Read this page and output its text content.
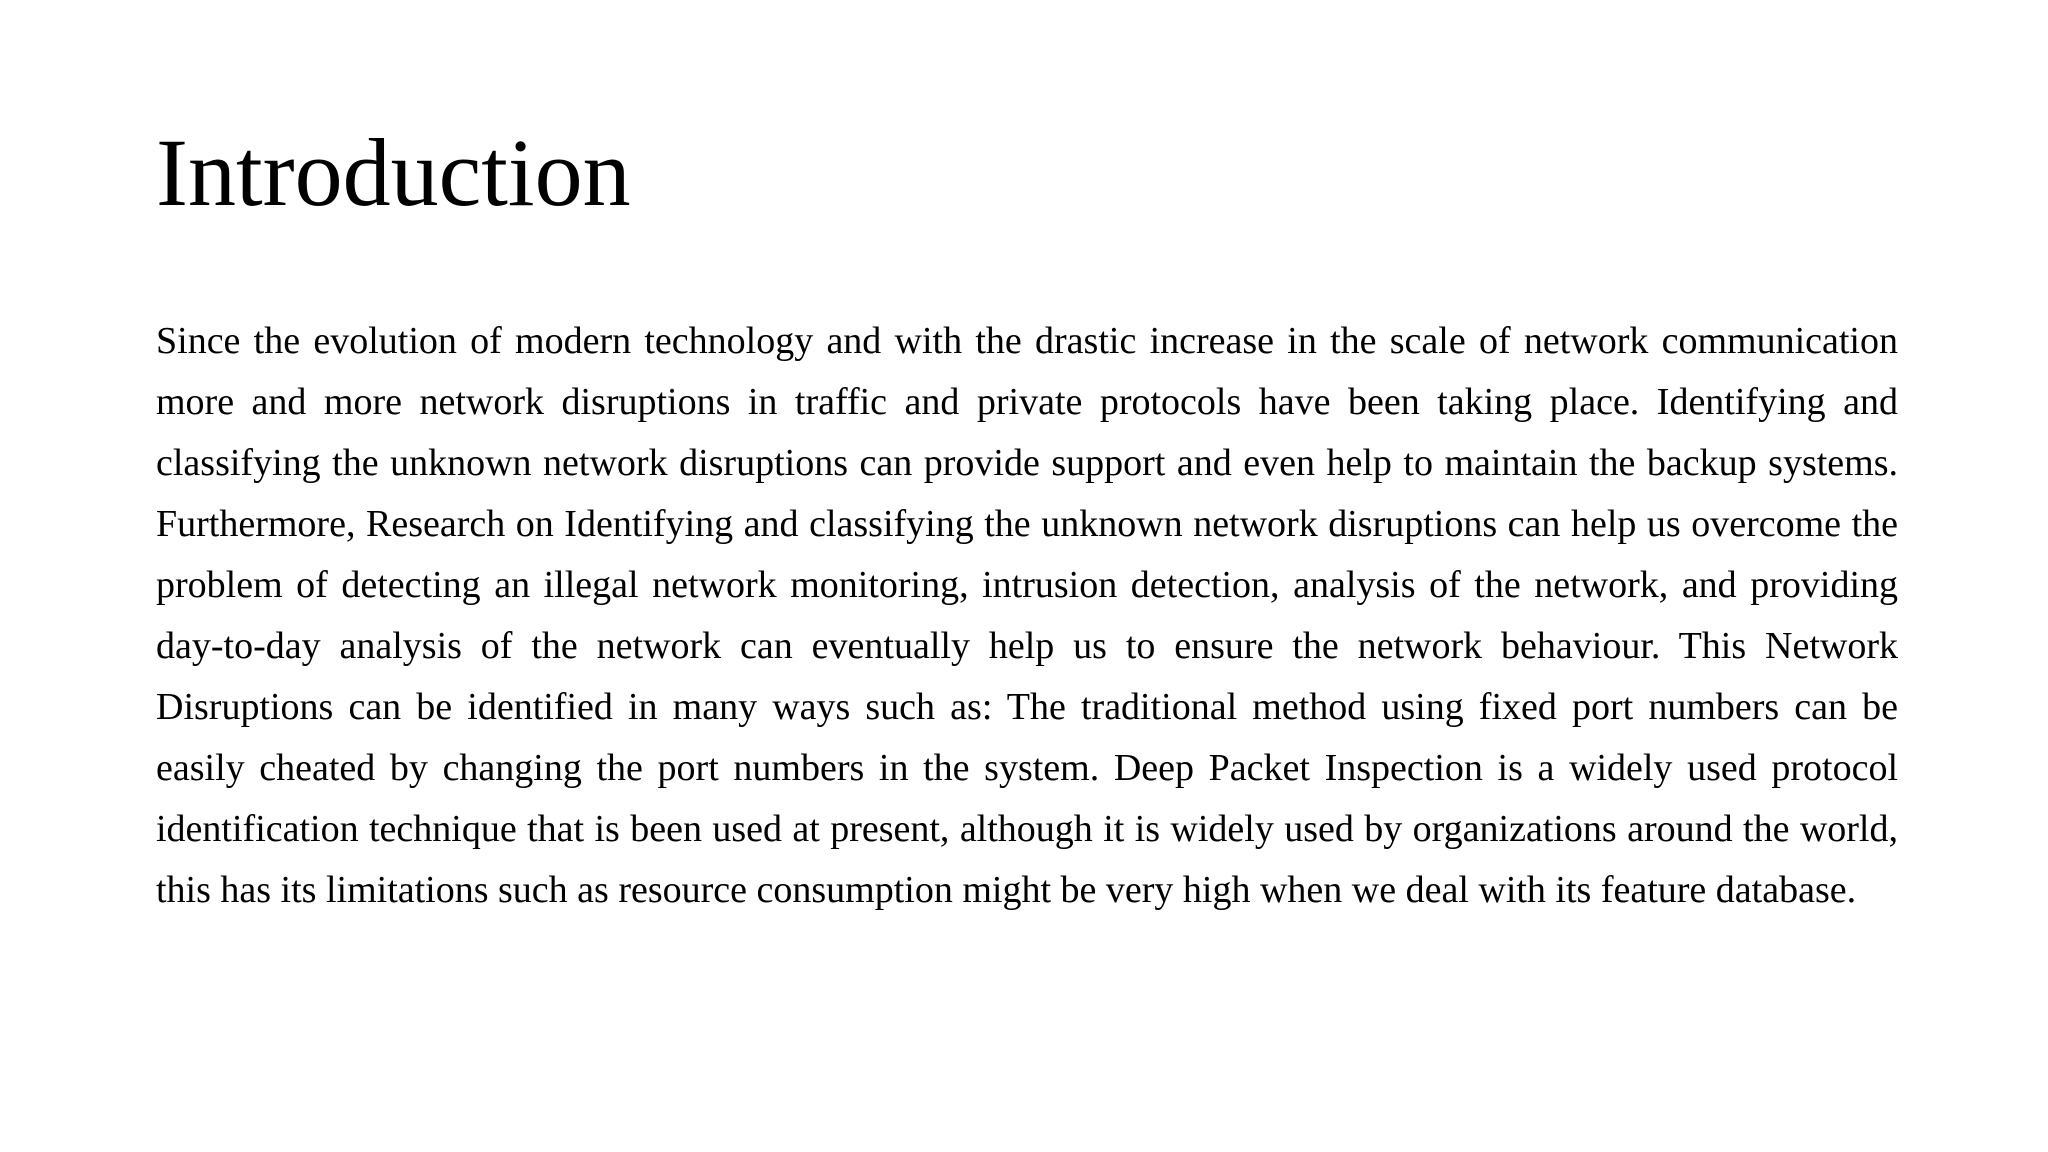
Introduction

Since the evolution of modern technology and with the drastic increase in the scale of network communication more and more network disruptions in traffic and private protocols have been taking place. Identifying and classifying the unknown network disruptions can provide support and even help to maintain the backup systems. Furthermore, Research on Identifying and classifying the unknown network disruptions can help us overcome the problem of detecting an illegal network monitoring, intrusion detection, analysis of the network, and providing day-to-day analysis of the network can eventually help us to ensure the network behaviour. This Network Disruptions can be identified in many ways such as: The traditional method using fixed port numbers can be easily cheated by changing the port numbers in the system. Deep Packet Inspection is a widely used protocol identification technique that is been used at present, although it is widely used by organizations around the world, this has its limitations such as resource consumption might be very high when we deal with its feature database.
